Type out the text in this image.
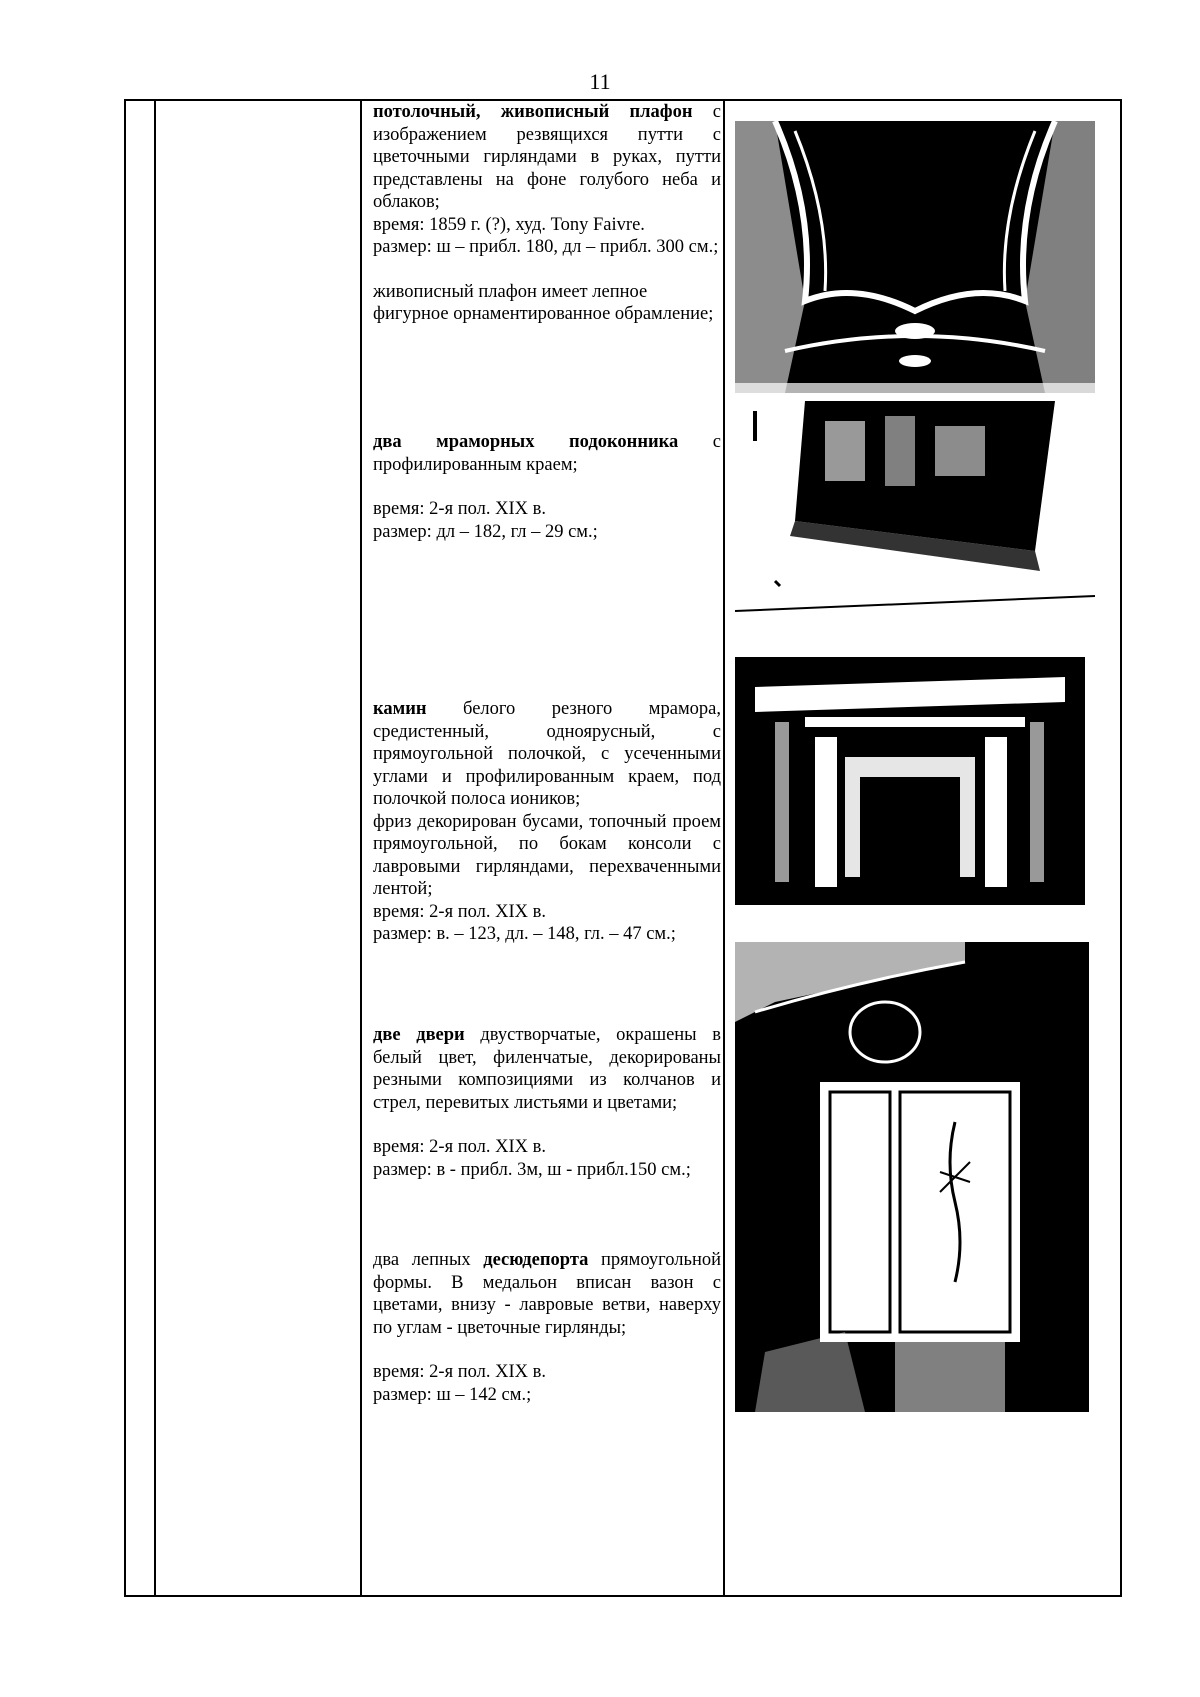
11

потолочный, живописный плафон с изображением резвящихся путти с цветочными гирляндами в руках, путти представлены на фоне голубого неба и облаков;

время: 1859 г. (?), худ. Tony Faivre.

размер: ш – прибл. 180, дл – прибл. 300 см.;

живописный плафон имеет лепное фигурное орнаментированное обрамление;

два мраморных подоконника с профилированным краем;

время: 2-я пол. XIX в.

размер: дл – 182, гл – 29 см.;

камин белого резного мрамора, средистенный, одноярусный, с прямоугольной полочкой, с усеченными углами и профилированным краем, под полочкой полоса иоников;

фриз декорирован бусами, топочный проем прямоугольной, по бокам консоли с лавровыми гирляндами, перехваченными лентой;

время: 2-я пол. XIX в.

размер: в. – 123, дл. – 148, гл. – 47 см.;

две двери двустворчатые, окрашены в белый цвет, филенчатые, декорированы резными композициями из колчанов и стрел, перевитых листьями и цветами;

время: 2-я пол. XIX в.

размер: в - прибл. 3м, ш - прибл.150 см.;

два лепных десюдепорта прямоугольной формы. В медальон вписан вазон с цветами, внизу - лавровые ветви, наверху по углам - цветочные гирлянды;

время: 2-я пол. XIX в.

размер: ш – 142 см.;
